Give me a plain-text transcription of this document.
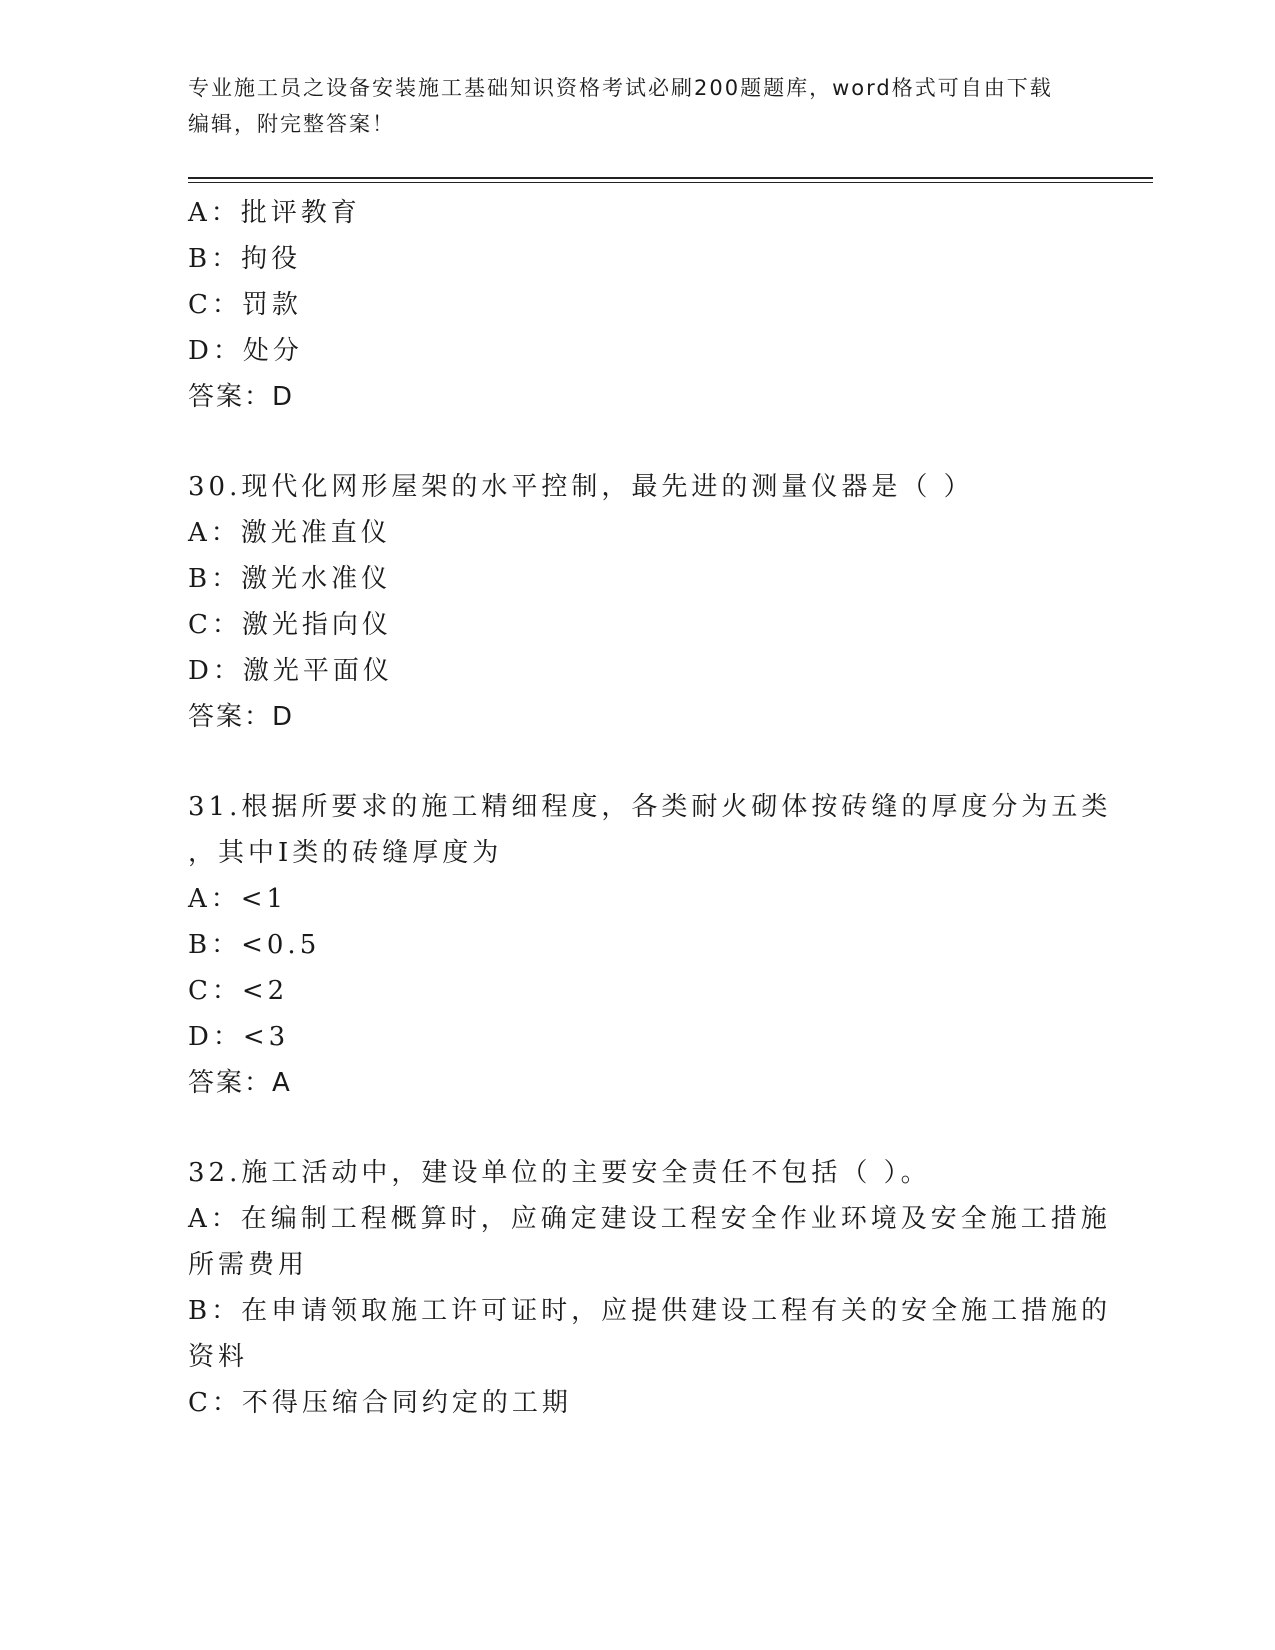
专业施工员之设备安装施工基础知识资格考试必刷200题题库，word格式可自由下载编辑，附完整答案！
A：批评教育
B：拘役
C：罚款
D：处分
答案：D
30.现代化网形屋架的水平控制，最先进的测量仪器是（ ）
A：激光准直仪
B：激光水准仪
C：激光指向仪
D：激光平面仪
答案：D
31.根据所要求的施工精细程度，各类耐火砌体按砖缝的厚度分为五类
，其中Ⅰ类的砖缝厚度为
A：<1
B：<0.5
C：<2
D：<3
答案：A
32.施工活动中，建设单位的主要安全责任不包括（ ）。
A：在编制工程概算时，应确定建设工程安全作业环境及安全施工措施
所需费用
B：在申请领取施工许可证时，应提供建设工程有关的安全施工措施的
资料
C：不得压缩合同约定的工期
